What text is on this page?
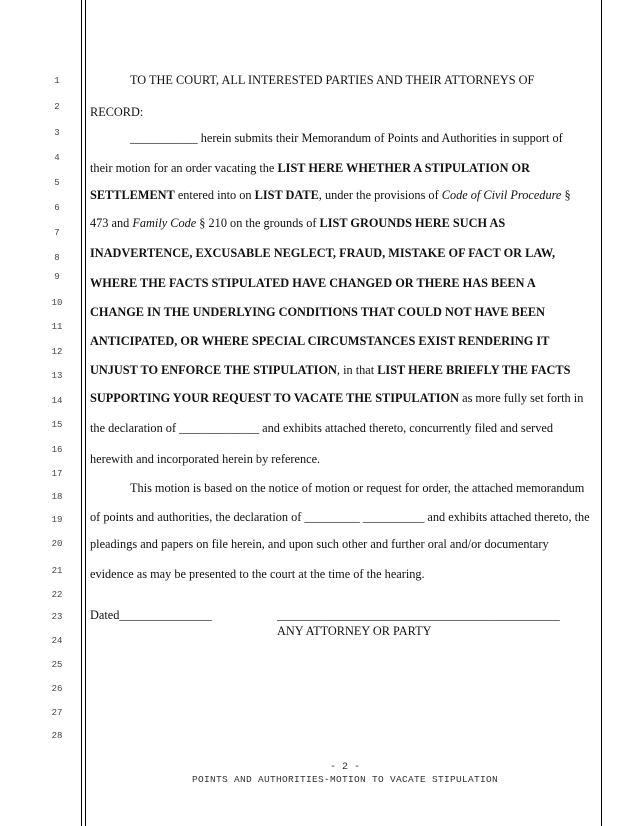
1
2
3
4
5
6
7
8
9
10
11
12
13
14
15
16
17
18
19
20
21
22
23
24
25
26
27
28
TO THE COURT, ALL INTERESTED PARTIES AND THEIR ATTORNEYS OF
RECORD:
___________ herein submits their Memorandum of Points and Authorities in support of
their motion for an order vacating the LIST HERE WHETHER A STIPULATION OR
SETTLEMENT entered into on LIST DATE, under the provisions of Code of Civil Procedure §
473 and Family Code § 210 on the grounds of LIST GROUNDS HERE SUCH AS
INADVERTENCE, EXCUSABLE NEGLECT, FRAUD, MISTAKE OF FACT OR LAW,
WHERE THE FACTS STIPULATED HAVE CHANGED OR THERE HAS BEEN A
CHANGE IN THE UNDERLYING CONDITIONS THAT COULD NOT HAVE BEEN
ANTICIPATED, OR WHERE SPECIAL CIRCUMSTANCES EXIST RENDERING IT
UNJUST TO ENFORCE THE STIPULATION, in that LIST HERE BRIEFLY THE FACTS
SUPPORTING YOUR REQUEST TO VACATE THE STIPULATION as more fully set forth in
the declaration of _____________ and exhibits attached thereto, concurrently filed and served
herewith and incorporated herein by reference.
This motion is based on the notice of motion or request for order, the attached memorandum
of points and authorities, the declaration of _________ __________ and exhibits attached thereto, the
pleadings and papers on file herein, and upon such other and further oral and/or documentary
evidence as may be presented to the court at the time of the hearing.
Dated_______________	______________________________________________
ANY ATTORNEY OR PARTY
- 2 -
POINTS AND AUTHORITIES-MOTION TO VACATE STIPULATION
